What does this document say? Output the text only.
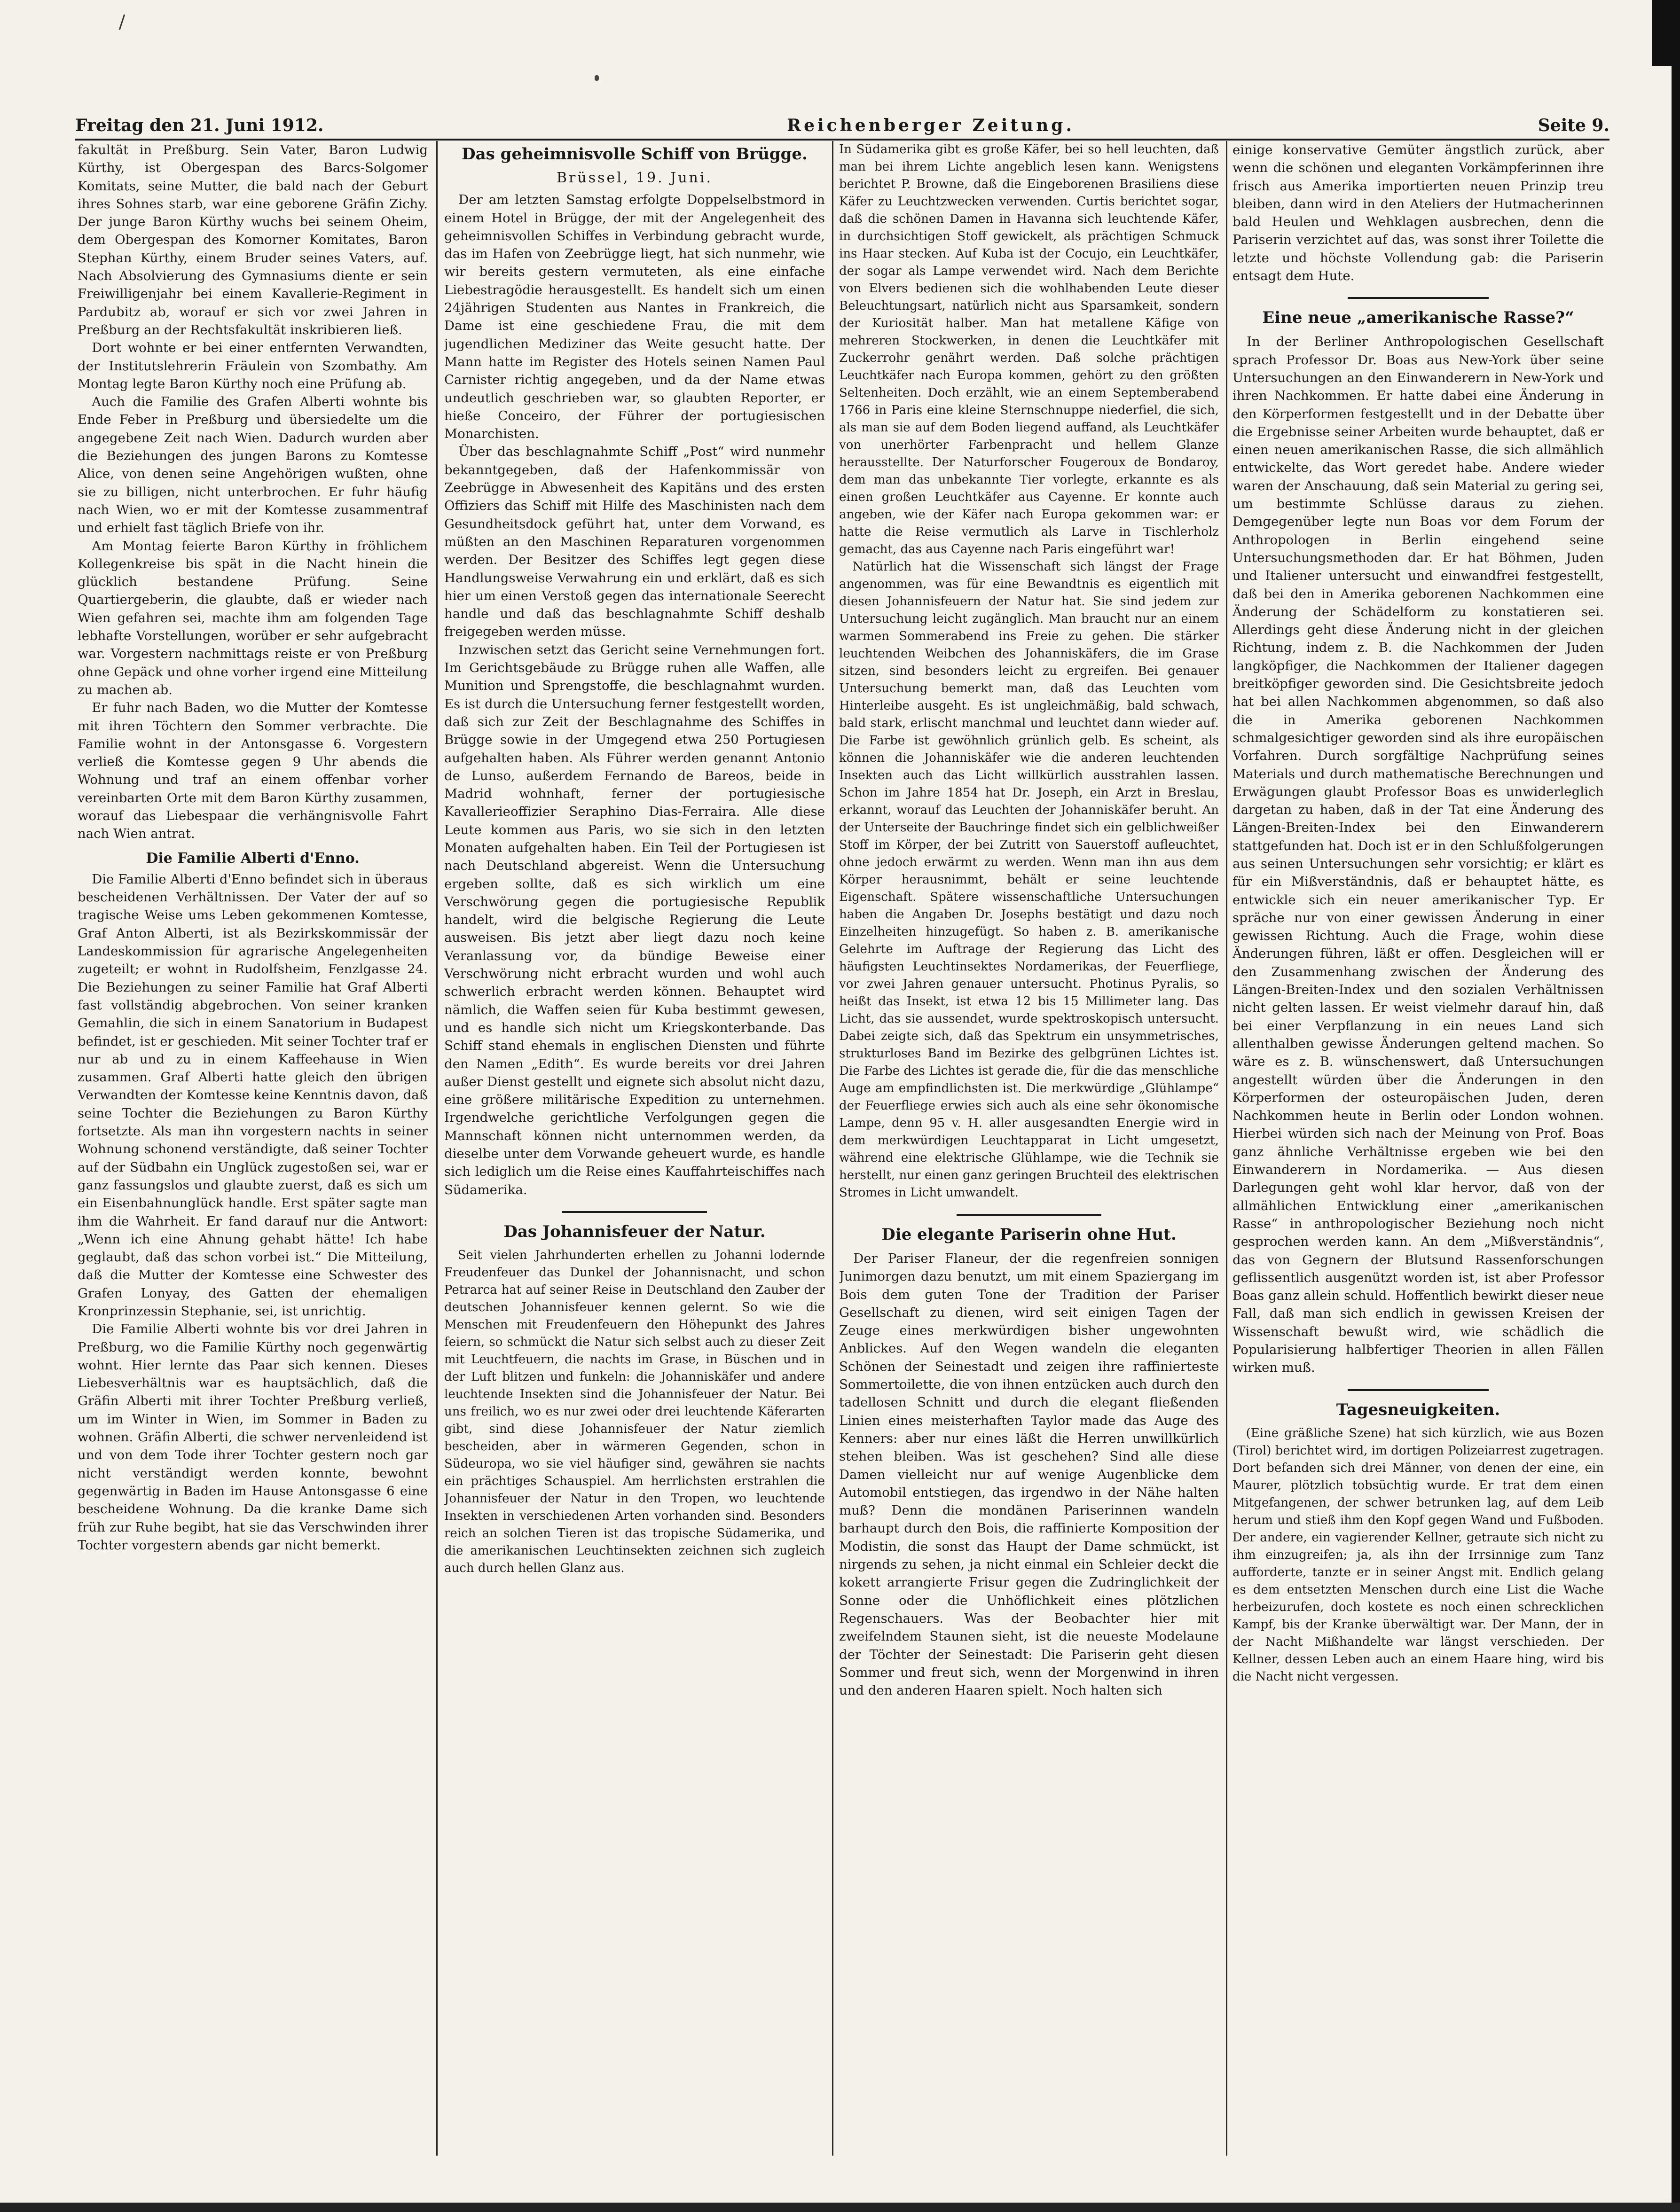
Freitag den 21. Juni 1912.	Reichenberger Zeitung.	Seite 9.

fakultät in Preßburg. Sein Vater, Baron Ludwig Kürthy, ist Obergespan des Barcs-Solgomer Komitats, seine Mutter, die bald nach der Geburt ihres Sohnes starb, war eine geborene Gräfin Zichy. Der junge Baron Kürthy wuchs bei seinem Oheim, dem Obergespan des Komorner Komitates, Baron Stephan Kürthy, einem Bruder seines Vaters, auf. Nach Absolvierung des Gymnasiums diente er sein Freiwilligenjahr bei einem Kavallerie-Regiment in Pardubitz ab, worauf er sich vor zwei Jahren in Preßburg an der Rechtsfakultät inskribieren ließ.

Dort wohnte er bei einer entfernten Verwandten, der Institutslehrerin Fräulein von Szombathy. Am Montag legte Baron Kürthy noch eine Prüfung ab.

Auch die Familie des Grafen Alberti wohnte bis Ende Feber in Preßburg und übersiedelte um die angegebene Zeit nach Wien. Dadurch wurden aber die Beziehungen des jungen Barons zu Komtesse Alice, von denen seine Angehörigen wußten, ohne sie zu billigen, nicht unterbrochen. Er fuhr häufig nach Wien, wo er mit der Komtesse zusammentraf und erhielt fast täglich Briefe von ihr.

Am Montag feierte Baron Kürthy in fröhlichem Kollegenkreise bis spät in die Nacht hinein die glücklich bestandene Prüfung. Seine Quartiergeberin, die glaubte, daß er wieder nach Wien gefahren sei, machte ihm am folgenden Tage lebhafte Vorstellungen, worüber er sehr aufgebracht war. Vorgestern nachmittags reiste er von Preßburg ohne Gepäck und ohne vorher irgend eine Mitteilung zu machen ab.

Er fuhr nach Baden, wo die Mutter der Komtesse mit ihren Töchtern den Sommer verbrachte. Die Familie wohnt in der Antonsgasse 6. Vorgestern verließ die Komtesse gegen 9 Uhr abends die Wohnung und traf an einem offenbar vorher vereinbarten Orte mit dem Baron Kürthy zusammen, worauf das Liebespaar die verhängnisvolle Fahrt nach Wien antrat.

Die Familie Alberti d'Enno.

Die Familie Alberti d'Enno befindet sich in überaus bescheidenen Verhältnissen. Der Vater der auf so tragische Weise ums Leben gekommenen Komtesse, Graf Anton Alberti, ist als Bezirkskommissär der Landeskommission für agrarische Angelegenheiten zugeteilt; er wohnt in Rudolfsheim, Fenzlgasse 24. Die Beziehungen zu seiner Familie hat Graf Alberti fast vollständig abgebrochen. Von seiner kranken Gemahlin, die sich in einem Sanatorium in Budapest befindet, ist er geschieden. Mit seiner Tochter traf er nur ab und zu in einem Kaffeehause in Wien zusammen. Graf Alberti hatte gleich den übrigen Verwandten der Komtesse keine Kenntnis davon, daß seine Tochter die Beziehungen zu Baron Kürthy fortsetzte. Als man ihn vorgestern nachts in seiner Wohnung schonend verständigte, daß seiner Tochter auf der Südbahn ein Unglück zugestoßen sei, war er ganz fassungslos und glaubte zuerst, daß es sich um ein Eisenbahnunglück handle. Erst später sagte man ihm die Wahrheit. Er fand darauf nur die Antwort: „Wenn ich eine Ahnung gehabt hätte! Ich habe geglaubt, daß das schon vorbei ist.“ Die Mitteilung, daß die Mutter der Komtesse eine Schwester des Grafen Lonyay, des Gatten der ehemaligen Kronprinzessin Stephanie, sei, ist unrichtig.

Die Familie Alberti wohnte bis vor drei Jahren in Preßburg, wo die Familie Kürthy noch gegenwärtig wohnt. Hier lernte das Paar sich kennen. Dieses Liebesverhältnis war es hauptsächlich, daß die Gräfin Alberti mit ihrer Tochter Preßburg verließ, um im Winter in Wien, im Sommer in Baden zu wohnen. Gräfin Alberti, die schwer nervenleidend ist und von dem Tode ihrer Tochter gestern noch gar nicht verständigt werden konnte, bewohnt gegenwärtig in Baden im Hause Antonsgasse 6 eine bescheidene Wohnung. Da die kranke Dame sich früh zur Ruhe begibt, hat sie das Verschwinden ihrer Tochter vorgestern abends gar nicht bemerkt.

Das geheimnisvolle Schiff von Brügge.
Brüssel, 19. Juni.

Der am letzten Samstag erfolgte Doppelselbstmord in einem Hotel in Brügge, der mit der Angelegenheit des geheimnisvollen Schiffes in Verbindung gebracht wurde, das im Hafen von Zeebrügge liegt, hat sich nunmehr, wie wir bereits gestern vermuteten, als eine einfache Liebestragödie herausgestellt. Es handelt sich um einen 24jährigen Studenten aus Nantes in Frankreich, die Dame ist eine geschiedene Frau, die mit dem jugendlichen Mediziner das Weite gesucht hatte. Der Mann hatte im Register des Hotels seinen Namen Paul Carnister richtig angegeben, und da der Name etwas undeutlich geschrieben war, so glaubten Reporter, er hieße Conceiro, der Führer der portugiesischen Monarchisten.

Über das beschlagnahmte Schiff „Post“ wird nunmehr bekanntgegeben, daß der Hafenkommissär von Zeebrügge in Abwesenheit des Kapitäns und des ersten Offiziers das Schiff mit Hilfe des Maschinisten nach dem Gesundheitsdock geführt hat, unter dem Vorwand, es müßten an den Maschinen Reparaturen vorgenommen werden. Der Besitzer des Schiffes legt gegen diese Handlungsweise Verwahrung ein und erklärt, daß es sich hier um einen Verstoß gegen das internationale Seerecht handle und daß das beschlagnahmte Schiff deshalb freigegeben werden müsse.

Inzwischen setzt das Gericht seine Vernehmungen fort. Im Gerichtsgebäude zu Brügge ruhen alle Waffen, alle Munition und Sprengstoffe, die beschlagnahmt wurden. Es ist durch die Untersuchung ferner festgestellt worden, daß sich zur Zeit der Beschlagnahme des Schiffes in Brügge sowie in der Umgegend etwa 250 Portugiesen aufgehalten haben. Als Führer werden genannt Antonio de Lunso, außerdem Fernando de Bareos, beide in Madrid wohnhaft, ferner der portugiesische Kavallerieoffizier Seraphino Dias-Ferraira. Alle diese Leute kommen aus Paris, wo sie sich in den letzten Monaten aufgehalten haben. Ein Teil der Portugiesen ist nach Deutschland abgereist. Wenn die Untersuchung ergeben sollte, daß es sich wirklich um eine Verschwörung gegen die portugiesische Republik handelt, wird die belgische Regierung die Leute ausweisen. Bis jetzt aber liegt dazu noch keine Veranlassung vor, da bündige Beweise einer Verschwörung nicht erbracht wurden und wohl auch schwerlich erbracht werden können. Behauptet wird nämlich, die Waffen seien für Kuba bestimmt gewesen, und es handle sich nicht um Kriegskonterbande. Das Schiff stand ehemals in englischen Diensten und führte den Namen „Edith“. Es wurde bereits vor drei Jahren außer Dienst gestellt und eignete sich absolut nicht dazu, eine größere militärische Expedition zu unternehmen. Irgendwelche gerichtliche Verfolgungen gegen die Mannschaft können nicht unternommen werden, da dieselbe unter dem Vorwande geheuert wurde, es handle sich lediglich um die Reise eines Kauffahrteischiffes nach Südamerika.

Das Johannisfeuer der Natur.

Seit vielen Jahrhunderten erhellen zu Johanni lodernde Freudenfeuer das Dunkel der Johannisnacht, und schon Petrarca hat auf seiner Reise in Deutschland den Zauber der deutschen Johannisfeuer kennen gelernt. So wie die Menschen mit Freudenfeuern den Höhepunkt des Jahres feiern, so schmückt die Natur sich selbst auch zu dieser Zeit mit Leuchtfeuern, die nachts im Grase, in Büschen und in der Luft blitzen und funkeln: die Johanniskäfer und andere leuchtende Insekten sind die Johannisfeuer der Natur. Bei uns freilich, wo es nur zwei oder drei leuchtende Käferarten gibt, sind diese Johannisfeuer der Natur ziemlich bescheiden, aber in wärmeren Gegenden, schon in Südeuropa, wo sie viel häufiger sind, gewähren sie nachts ein prächtiges Schauspiel. Am herrlichsten erstrahlen die Johannisfeuer der Natur in den Tropen, wo leuchtende Insekten in verschiedenen Arten vorhanden sind. Besonders reich an solchen Tieren ist das tropische Südamerika, und die amerikanischen Leuchtinsekten zeichnen sich zugleich auch durch hellen Glanz aus.

In Südamerika gibt es große Käfer, bei so hell leuchten, daß man bei ihrem Lichte angeblich lesen kann. Wenigstens berichtet P. Browne, daß die Eingeborenen Brasiliens diese Käfer zu Leuchtzwecken verwenden. Curtis berichtet sogar, daß die schönen Damen in Havanna sich leuchtende Käfer, in durchsichtigen Stoff gewickelt, als prächtigen Schmuck ins Haar stecken. Auf Kuba ist der Cocujo, ein Leuchtkäfer, der sogar als Lampe verwendet wird. Nach dem Berichte von Elvers bedienen sich die wohlhabenden Leute dieser Beleuchtungsart, natürlich nicht aus Sparsamkeit, sondern der Kuriosität halber. Man hat metallene Käfige von mehreren Stockwerken, in denen die Leuchtkäfer mit Zuckerrohr genährt werden. Daß solche prächtigen Leuchtkäfer nach Europa kommen, gehört zu den größten Seltenheiten. Doch erzählt, wie an einem Septemberabend 1766 in Paris eine kleine Sternschnuppe niederfiel, die sich, als man sie auf dem Boden liegend auffand, als Leuchtkäfer von unerhörter Farbenpracht und hellem Glanze herausstellte. Der Naturforscher Fougeroux de Bondaroy, dem man das unbekannte Tier vorlegte, erkannte es als einen großen Leuchtkäfer aus Cayenne. Er konnte auch angeben, wie der Käfer nach Europa gekommen war: er hatte die Reise vermutlich als Larve in Tischlerholz gemacht, das aus Cayenne nach Paris eingeführt war!

Natürlich hat die Wissenschaft sich längst der Frage angenommen, was für eine Bewandtnis es eigentlich mit diesen Johannisfeuern der Natur hat. Sie sind jedem zur Untersuchung leicht zugänglich. Man braucht nur an einem warmen Sommerabend ins Freie zu gehen. Die stärker leuchtenden Weibchen des Johanniskäfers, die im Grase sitzen, sind besonders leicht zu ergreifen. Bei genauer Untersuchung bemerkt man, daß das Leuchten vom Hinterleibe ausgeht. Es ist ungleichmäßig, bald schwach, bald stark, erlischt manchmal und leuchtet dann wieder auf. Die Farbe ist gewöhnlich grünlich gelb. Es scheint, als können die Johanniskäfer wie die anderen leuchtenden Insekten auch das Licht willkürlich ausstrahlen lassen. Schon im Jahre 1854 hat Dr. Joseph, ein Arzt in Breslau, erkannt, worauf das Leuchten der Johanniskäfer beruht. An der Unterseite der Bauchringe findet sich ein gelblichweißer Stoff im Körper, der bei Zutritt von Sauerstoff aufleuchtet, ohne jedoch erwärmt zu werden. Wenn man ihn aus dem Körper herausnimmt, behält er seine leuchtende Eigenschaft. Spätere wissenschaftliche Untersuchungen haben die Angaben Dr. Josephs bestätigt und dazu noch Einzelheiten hinzugefügt. So haben z. B. amerikanische Gelehrte im Auftrage der Regierung das Licht des häufigsten Leuchtinsektes Nordamerikas, der Feuerfliege, vor zwei Jahren genauer untersucht. Photinus Pyralis, so heißt das Insekt, ist etwa 12 bis 15 Millimeter lang. Das Licht, das sie aussendet, wurde spektroskopisch untersucht. Dabei zeigte sich, daß das Spektrum ein unsymmetrisches, strukturloses Band im Bezirke des gelbgrünen Lichtes ist. Die Farbe des Lichtes ist gerade die, für die das menschliche Auge am empfindlichsten ist. Die merkwürdige „Glühlampe“ der Feuerfliege erwies sich auch als eine sehr ökonomische Lampe, denn 95 v. H. aller ausgesandten Energie wird in dem merkwürdigen Leuchtapparat in Licht umgesetzt, während eine elektrische Glühlampe, wie die Technik sie herstellt, nur einen ganz geringen Bruchteil des elektrischen Stromes in Licht umwandelt.

Die elegante Pariserin ohne Hut.

Der Pariser Flaneur, der die regenfreien sonnigen Junimorgen dazu benutzt, um mit einem Spaziergang im Bois dem guten Tone der Tradition der Pariser Gesellschaft zu dienen, wird seit einigen Tagen der Zeuge eines merkwürdigen bisher ungewohnten Anblickes. Auf den Wegen wandeln die eleganten Schönen der Seinestadt und zeigen ihre raffinierteste Sommertoilette, die von ihnen entzücken auch durch den tadellosen Schnitt und durch die elegant fließenden Linien eines meisterhaften Taylor made das Auge des Kenners: aber nur eines läßt die Herren unwillkürlich stehen bleiben. Was ist geschehen? Sind alle diese Damen vielleicht nur auf wenige Augenblicke dem Automobil entstiegen, das irgendwo in der Nähe halten muß? Denn die mondänen Pariserinnen wandeln barhaupt durch den Bois, die raffinierte Komposition der Modistin, die sonst das Haupt der Dame schmückt, ist nirgends zu sehen, ja nicht einmal ein Schleier deckt die kokett arrangierte Frisur gegen die Zudringlichkeit der Sonne oder die Unhöflichkeit eines plötzlichen Regenschauers. Was der Beobachter hier mit zweifelndem Staunen sieht, ist die neueste Modelaune der Töchter der Seinestadt: Die Pariserin geht diesen Sommer und freut sich, wenn der Morgenwind in ihren und den anderen Haaren spielt. Noch halten sich

einige konservative Gemüter ängstlich zurück, aber wenn die schönen und eleganten Vorkämpferinnen ihre frisch aus Amerika importierten neuen Prinzip treu bleiben, dann wird in den Ateliers der Hutmacherinnen bald Heulen und Wehklagen ausbrechen, denn die Pariserin verzichtet auf das, was sonst ihrer Toilette die letzte und höchste Vollendung gab: die Pariserin entsagt dem Hute.

Eine neue „amerikanische Rasse?“

In der Berliner Anthropologischen Gesellschaft sprach Professor Dr. Boas aus New-York über seine Untersuchungen an den Einwanderern in New-York und ihren Nachkommen. Er hatte dabei eine Änderung in den Körperformen festgestellt und in der Debatte über die Ergebnisse seiner Arbeiten wurde behauptet, daß er einen neuen amerikanischen Rasse, die sich allmählich entwickelte, das Wort geredet habe. Andere wieder waren der Anschauung, daß sein Material zu gering sei, um bestimmte Schlüsse daraus zu ziehen. Demgegenüber legte nun Boas vor dem Forum der Anthropologen in Berlin eingehend seine Untersuchungsmethoden dar. Er hat Böhmen, Juden und Italiener untersucht und einwandfrei festgestellt, daß bei den in Amerika geborenen Nachkommen eine Änderung der Schädelform zu konstatieren sei. Allerdings geht diese Änderung nicht in der gleichen Richtung, indem z. B. die Nachkommen der Juden langköpfiger, die Nachkommen der Italiener dagegen breitköpfiger geworden sind. Die Gesichtsbreite jedoch hat bei allen Nachkommen abgenommen, so daß also die in Amerika geborenen Nachkommen schmalgesichtiger geworden sind als ihre europäischen Vorfahren. Durch sorgfältige Nachprüfung seines Materials und durch mathematische Berechnungen und Erwägungen glaubt Professor Boas es unwiderleglich dargetan zu haben, daß in der Tat eine Änderung des Längen-Breiten-Index bei den Einwanderern stattgefunden hat. Doch ist er in den Schlußfolgerungen aus seinen Untersuchungen sehr vorsichtig; er klärt es für ein Mißverständnis, daß er behauptet hätte, es entwickle sich ein neuer amerikanischer Typ. Er spräche nur von einer gewissen Änderung in einer gewissen Richtung. Auch die Frage, wohin diese Änderungen führen, läßt er offen. Desgleichen will er den Zusammenhang zwischen der Änderung des Längen-Breiten-Index und den sozialen Verhältnissen nicht gelten lassen. Er weist vielmehr darauf hin, daß bei einer Verpflanzung in ein neues Land sich allenthalben gewisse Änderungen geltend machen. So wäre es z. B. wünschenswert, daß Untersuchungen angestellt würden über die Änderungen in den Körperformen der osteuropäischen Juden, deren Nachkommen heute in Berlin oder London wohnen. Hierbei würden sich nach der Meinung von Prof. Boas ganz ähnliche Verhältnisse ergeben wie bei den Einwanderern in Nordamerika. — Aus diesen Darlegungen geht wohl klar hervor, daß von der allmählichen Entwicklung einer „amerikanischen Rasse“ in anthropologischer Beziehung noch nicht gesprochen werden kann. An dem „Mißverständnis“, das von Gegnern der Blutsund Rassenforschungen geflissentlich ausgenützt worden ist, ist aber Professor Boas ganz allein schuld. Hoffentlich bewirkt dieser neue Fall, daß man sich endlich in gewissen Kreisen der Wissenschaft bewußt wird, wie schädlich die Popularisierung halbfertiger Theorien in allen Fällen wirken muß.

Tagesneuigkeiten.

(Eine gräßliche Szene) hat sich kürzlich, wie aus Bozen (Tirol) berichtet wird, im dortigen Polizeiarrest zugetragen. Dort befanden sich drei Männer, von denen der eine, ein Maurer, plötzlich tobsüchtig wurde. Er trat dem einen Mitgefangenen, der schwer betrunken lag, auf dem Leib herum und stieß ihm den Kopf gegen Wand und Fußboden. Der andere, ein vagierender Kellner, getraute sich nicht zu ihm einzugreifen; ja, als ihn der Irrsinnige zum Tanz aufforderte, tanzte er in seiner Angst mit. Endlich gelang es dem entsetzten Menschen durch eine List die Wache herbeizurufen, doch kostete es noch einen schrecklichen Kampf, bis der Kranke überwältigt war. Der Mann, der in der Nacht Mißhandelte war längst verschieden. Der Kellner, dessen Leben auch an einem Haare hing, wird bis die Nacht nicht vergessen.
